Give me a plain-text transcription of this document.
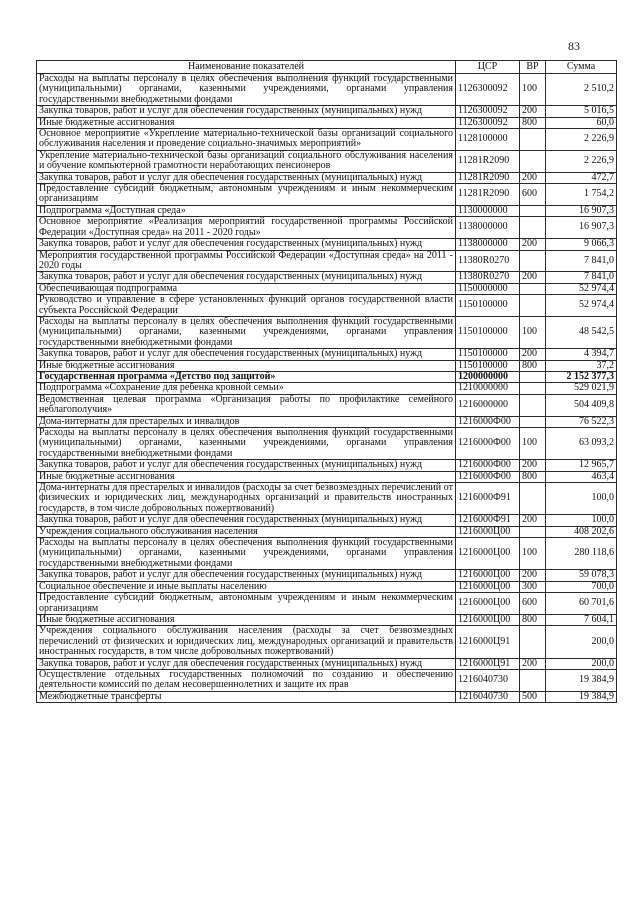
83
Наименование показателей	ЦСР	ВР	Сумма
Расходы на выплаты персоналу в целях обеспечения выполнения функций государственными (муниципальными) органами, казенными учреждениями, органами управления государственными внебюджетными фондами	1126300092	100	2 510,2
Закупка товаров, работ и услуг для обеспечения государственных (муниципальных) нужд	1126300092	200	5 016,5
Иные бюджетные ассигнования	1126300092	800	60,0
Основное мероприятие «Укрепление материально-технической базы организаций социального обслуживания населения и проведение социально-значимых мероприятий»	1128100000		2 226,9
Укрепление материально-технической базы организаций социального обслуживания населения и обучение компьютерной грамотности неработающих пенсионеров	11281R2090		2 226,9
Закупка товаров, работ и услуг для обеспечения государственных (муниципальных) нужд	11281R2090	200	472,7
Предоставление субсидий бюджетным, автономным учреждениям и иным некоммерческим организациям	11281R2090	600	1 754,2
Подпрограмма «Доступная среда»	1130000000		16 907,3
Основное мероприятие «Реализация мероприятий государственной программы Российской Федерации «Доступная среда» на 2011 - 2020 годы»	1138000000		16 907,3
Закупка товаров, работ и услуг для обеспечения государственных (муниципальных) нужд	1138000000	200	9 066,3
Мероприятия государственной программы Российской Федерации «Доступная среда» на 2011 - 2020 годы	11380R0270		7 841,0
Закупка товаров, работ и услуг для обеспечения государственных (муниципальных) нужд	11380R0270	200	7 841,0
Обеспечивающая подпрограмма	1150000000		52 974,4
Руководство и управление в сфере установленных функций органов государственной власти субъекта Российской Федерации	1150100000		52 974,4
Расходы на выплаты персоналу в целях обеспечения выполнения функций государственными (муниципальными) органами, казенными учреждениями, органами управления государственными внебюджетными фондами	1150100000	100	48 542,5
Закупка товаров, работ и услуг для обеспечения государственных (муниципальных) нужд	1150100000	200	4 394,7
Иные бюджетные ассигнования	1150100000	800	37,2
Государственная программа «Детство под защитой»	1200000000		2 152 377,3
Подпрограмма «Сохранение для ребенка кровной семьи»	1210000000		529 021,9
Ведомственная целевая программа «Организация работы по профилактике семейного неблагополучия»	1216000000		504 409,8
Дома-интернаты для престарелых и инвалидов	1216000Ф00		76 522,3
Расходы на выплаты персоналу в целях обеспечения выполнения функций государственными (муниципальными) органами, казенными учреждениями, органами управления государственными внебюджетными фондами	1216000Ф00	100	63 093,2
Закупка товаров, работ и услуг для обеспечения государственных (муниципальных) нужд	1216000Ф00	200	12 965,7
Иные бюджетные ассигнования	1216000Ф00	800	463,4
Дома-интернаты для престарелых и инвалидов (расходы за счет безвозмездных перечислений от физических и юридических лиц, международных организаций и правительств иностранных государств, в том числе добровольных пожертвований)	1216000Ф91		100,0
Закупка товаров, работ и услуг для обеспечения государственных (муниципальных) нужд	1216000Ф91	200	100,0
Учреждения социального обслуживания населения	1216000Ц00		408 202,6
Расходы на выплаты персоналу в целях обеспечения выполнения функций государственными (муниципальными) органами, казенными учреждениями, органами управления государственными внебюджетными фондами	1216000Ц00	100	280 118,6
Закупка товаров, работ и услуг для обеспечения государственных (муниципальных) нужд	1216000Ц00	200	59 078,3
Социальное обеспечение и иные выплаты населению	1216000Ц00	300	700,0
Предоставление субсидий бюджетным, автономным учреждениям и иным некоммерческим организациям	1216000Ц00	600	60 701,6
Иные бюджетные ассигнования	1216000Ц00	800	7 604,1
Учреждения социального обслуживания населения (расходы за счет безвозмездных перечислений от физических и юридических лиц, международных организаций и правительств иностранных государств, в том числе добровольных пожертвований)	1216000Ц91		200,0
Закупка товаров, работ и услуг для обеспечения государственных (муниципальных) нужд	1216000Ц91	200	200,0
Осуществление отдельных государственных полномочий по созданию и обеспечению деятельности комиссий по делам несовершеннолетних и защите их прав	1216040730		19 384,9
Межбюджетные трансферты	1216040730	500	19 384,9
